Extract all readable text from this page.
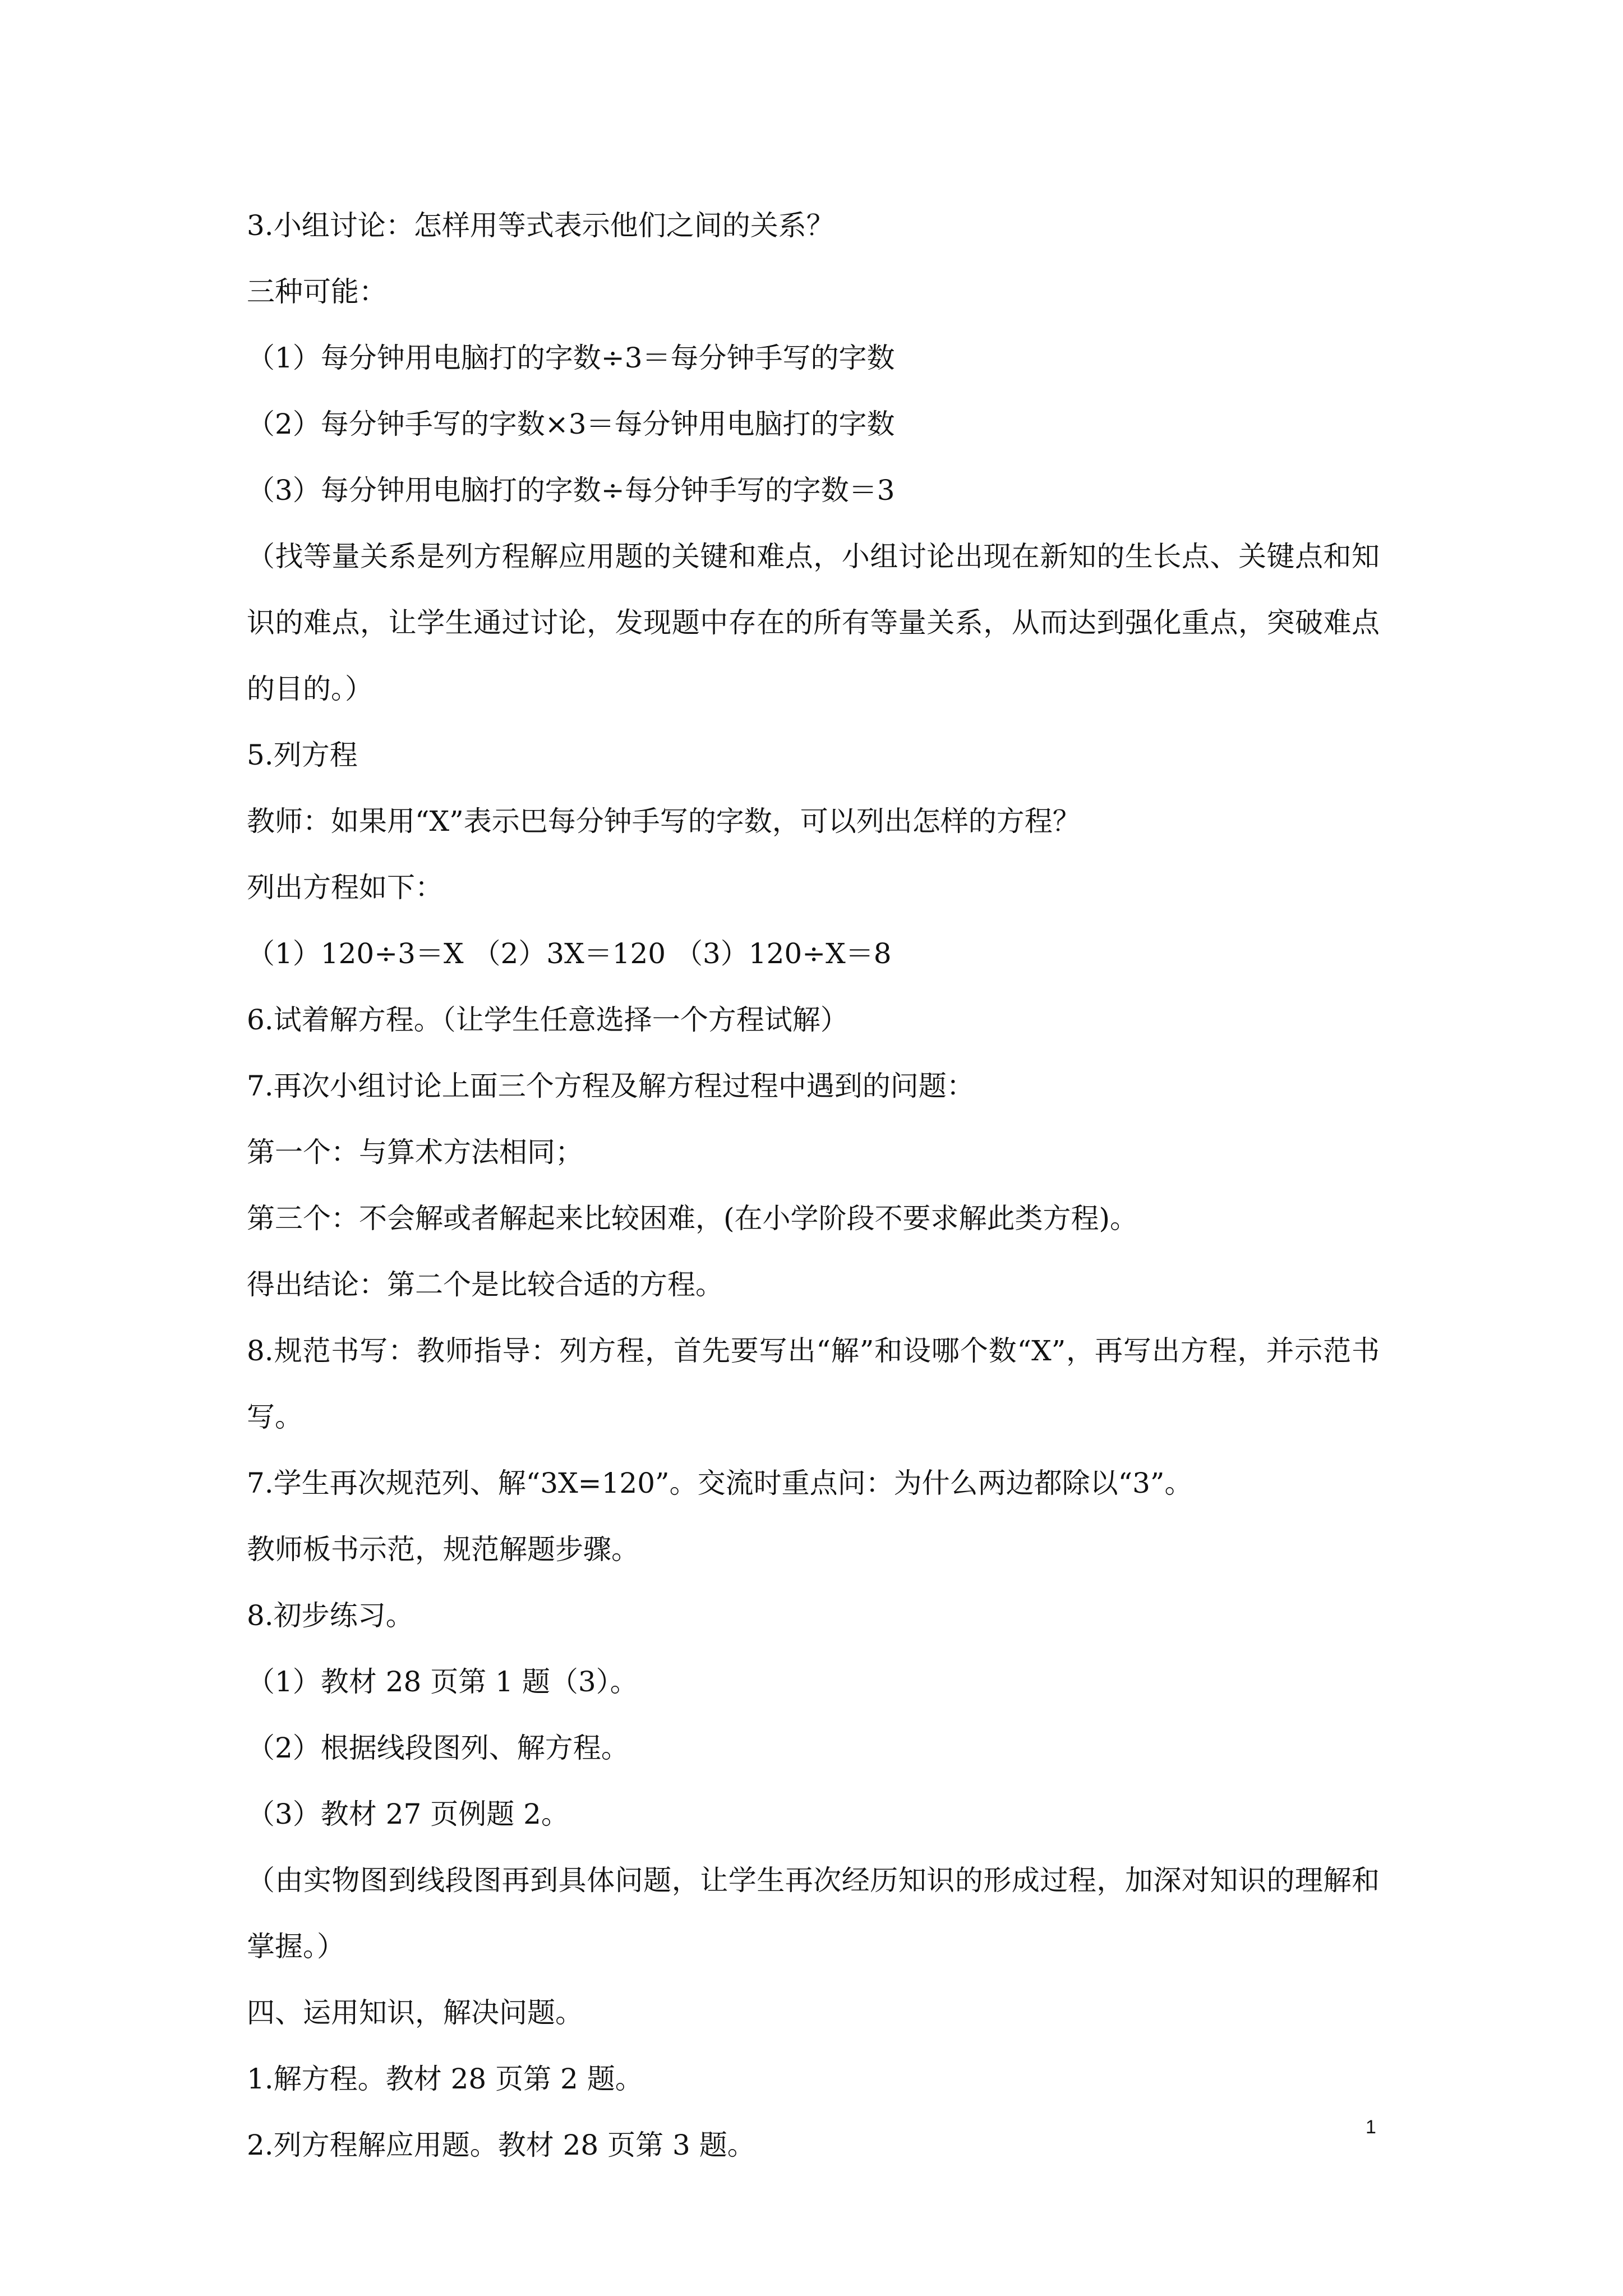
3.小组讨论：怎样用等式表示他们之间的关系？
三种可能：
（1）每分钟用电脑打的字数÷3＝每分钟手写的字数
（2）每分钟手写的字数×3＝每分钟用电脑打的字数
（3）每分钟用电脑打的字数÷每分钟手写的字数＝3
（找等量关系是列方程解应用题的关键和难点，小组讨论出现在新知的生长点、关键点和知识的难点，让学生通过讨论，发现题中存在的所有等量关系，从而达到强化重点，突破难点的目的。）
5.列方程
教师：如果用“X”表示巴每分钟手写的字数，可以列出怎样的方程？
列出方程如下：
（1）120÷3＝X （2）3X＝120 （3）120÷X＝8
6.试着解方程。（让学生任意选择一个方程试解）
7.再次小组讨论上面三个方程及解方程过程中遇到的问题：
第一个：与算术方法相同；
第三个：不会解或者解起来比较困难，(在小学阶段不要求解此类方程)。
得出结论：第二个是比较合适的方程。
8.规范书写：教师指导：列方程，首先要写出“解”和设哪个数“X”，再写出方程，并示范书写。
7.学生再次规范列、解“3X=120”。交流时重点问：为什么两边都除以“3”。
教师板书示范，规范解题步骤。
8.初步练习。
（1）教材 28 页第 1 题（3）。
（2）根据线段图列、解方程。
（3）教材 27 页例题 2。
（由实物图到线段图再到具体问题，让学生再次经历知识的形成过程，加深对知识的理解和掌握。）
四、运用知识，解决问题。
1.解方程。教材 28 页第 2 题。
2.列方程解应用题。教材 28 页第 3 题。
1
